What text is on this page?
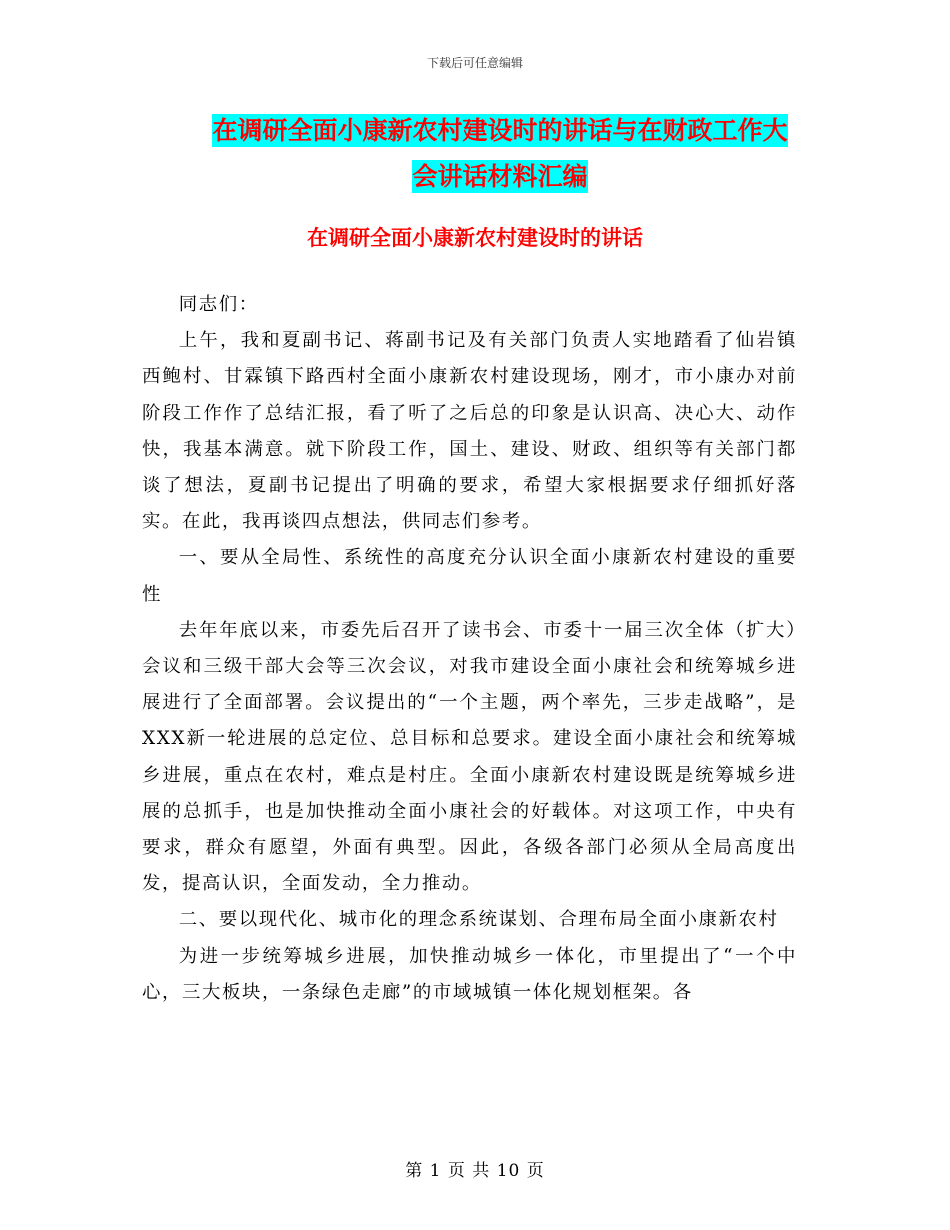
下载后可任意编辑
在调研全面小康新农村建设时的讲话与在财政工作大
会讲话材料汇编
在调研全面小康新农村建设时的讲话

同志们：

上午，我和夏副书记、蒋副书记及有关部门负责人实地踏看了仙岩镇西鲍村、甘霖镇下路西村全面小康新农村建设现场，刚才，市小康办对前阶段工作作了总结汇报，看了听了之后总的印象是认识高、决心大、动作快，我基本满意。就下阶段工作，国土、建设、财政、组织等有关部门都谈了想法，夏副书记提出了明确的要求，希望大家根据要求仔细抓好落实。在此，我再谈四点想法，供同志们参考。

一、要从全局性、系统性的高度充分认识全面小康新农村建设的重要性

去年年底以来，市委先后召开了读书会、市委十一届三次全体（扩大）会议和三级干部大会等三次会议，对我市建设全面小康社会和统筹城乡进展进行了全面部署。会议提出的“一个主题，两个率先，三步走战略”，是XXX新一轮进展的总定位、总目标和总要求。建设全面小康社会和统筹城乡进展，重点在农村，难点是村庄。全面小康新农村建设既是统筹城乡进展的总抓手，也是加快推动全面小康社会的好载体。对这项工作，中央有要求，群众有愿望，外面有典型。因此，各级各部门必须从全局高度出发，提高认识，全面发动，全力推动。

二、要以现代化、城市化的理念系统谋划、合理布局全面小康新农村

为进一步统筹城乡进展，加快推动城乡一体化，市里提出了“一个中心，三大板块，一条绿色走廊”的市域城镇一体化规划框架。各

第 1 页 共 10 页
